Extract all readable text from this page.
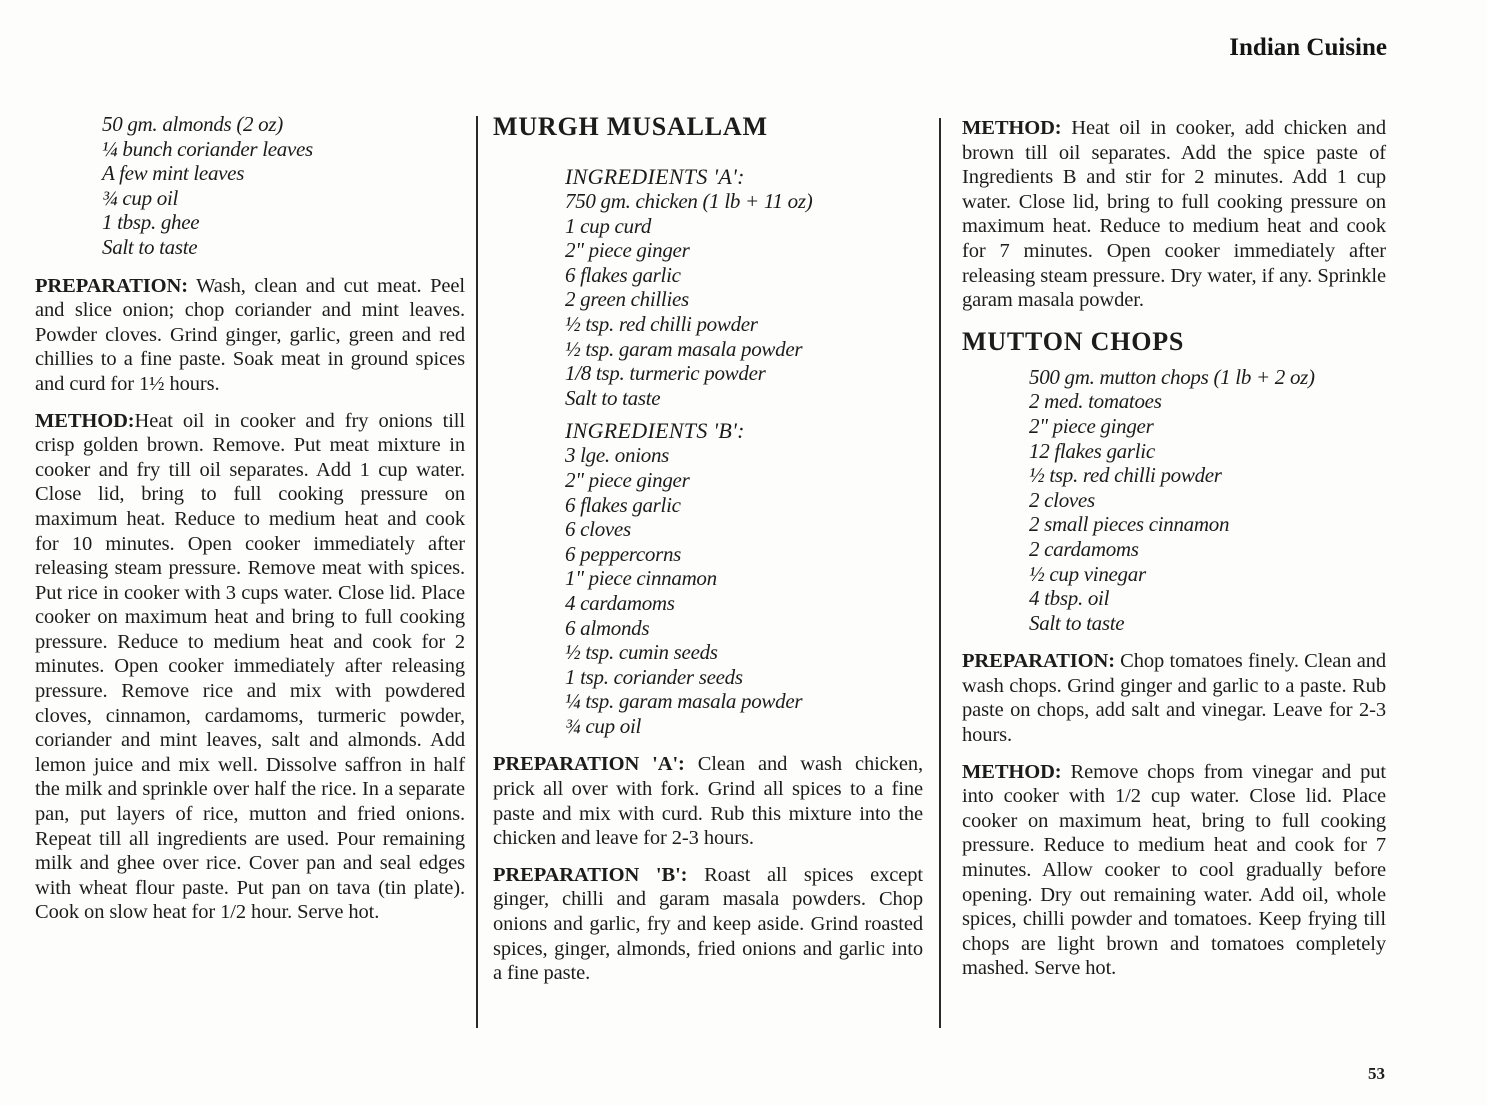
Indian Cuisine
50 gm. almonds (2 oz)
¼ bunch coriander leaves
A few mint leaves
¾ cup oil
1 tbsp. ghee
Salt to taste

PREPARATION: Wash, clean and cut meat. Peel and slice onion; chop coriander and mint leaves. Powder cloves. Grind ginger, garlic, green and red chillies to a fine paste. Soak meat in ground spices and curd for 1½ hours.

METHOD:Heat oil in cooker and fry onions till crisp golden brown. Remove. Put meat mixture in cooker and fry till oil separates. Add 1 cup water. Close lid, bring to full cooking pressure on maximum heat. Reduce to medium heat and cook for 10 minutes. Open cooker immediately after releasing steam pressure. Remove meat with spices. Put rice in cooker with 3 cups water. Close lid. Place cooker on maximum heat and bring to full cooking pressure. Reduce to medium heat and cook for 2 minutes. Open cooker immediately after releasing pressure. Remove rice and mix with powdered cloves, cinnamon, cardamoms, turmeric powder, coriander and mint leaves, salt and almonds. Add lemon juice and mix well. Dissolve saffron in half the milk and sprinkle over half the rice. In a separate pan, put layers of rice, mutton and fried onions. Repeat till all ingredients are used. Pour remaining milk and ghee over rice. Cover pan and seal edges with wheat flour paste. Put pan on tava (tin plate). Cook on slow heat for 1/2 hour. Serve hot.

MURGH MUSALLAM
INGREDIENTS 'A':
750 gm. chicken (1 lb + 11 oz)
1 cup curd
2" piece ginger
6 flakes garlic
2 green chillies
½ tsp. red chilli powder
½ tsp. garam masala powder
1/8 tsp. turmeric powder
Salt to taste
INGREDIENTS 'B':
3 lge. onions
2" piece ginger
6 flakes garlic
6 cloves
6 peppercorns
1" piece cinnamon
4 cardamoms
6 almonds
½ tsp. cumin seeds
1 tsp. coriander seeds
¼ tsp. garam masala powder
¾ cup oil

PREPARATION 'A': Clean and wash chicken, prick all over with fork. Grind all spices to a fine paste and mix with curd. Rub this mixture into the chicken and leave for 2-3 hours.

PREPARATION 'B': Roast all spices except ginger, chilli and garam masala powders. Chop onions and garlic, fry and keep aside. Grind roasted spices, ginger, almonds, fried onions and garlic into a fine paste.

METHOD: Heat oil in cooker, add chicken and brown till oil separates. Add the spice paste of Ingredients B and stir for 2 minutes. Add 1 cup water. Close lid, bring to full cooking pressure on maximum heat. Reduce to medium heat and cook for 7 minutes. Open cooker immediately after releasing steam pressure. Dry water, if any. Sprinkle garam masala powder.

MUTTON CHOPS
500 gm. mutton chops (1 lb + 2 oz)
2 med. tomatoes
2" piece ginger
12 flakes garlic
½ tsp. red chilli powder
2 cloves
2 small pieces cinnamon
2 cardamoms
½ cup vinegar
4 tbsp. oil
Salt to taste

PREPARATION: Chop tomatoes finely. Clean and wash chops. Grind ginger and garlic to a paste. Rub paste on chops, add salt and vinegar. Leave for 2-3 hours.

METHOD: Remove chops from vinegar and put into cooker with 1/2 cup water. Close lid. Place cooker on maximum heat, bring to full cooking pressure. Reduce to medium heat and cook for 7 minutes. Allow cooker to cool gradually before opening. Dry out remaining water. Add oil, whole spices, chilli powder and tomatoes. Keep frying till chops are light brown and tomatoes completely mashed. Serve hot.

53
